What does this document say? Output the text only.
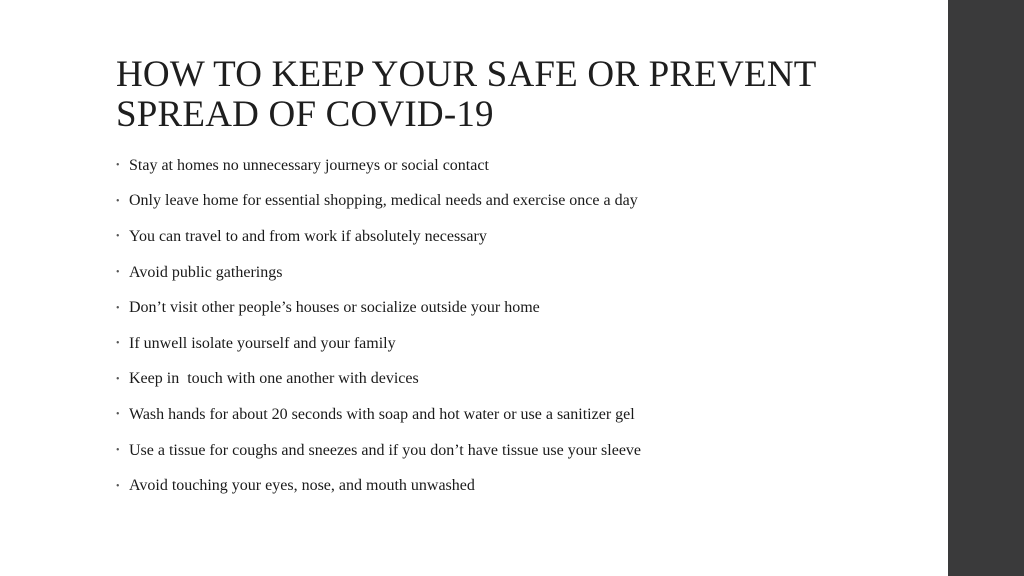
HOW TO KEEP YOUR SAFE OR PREVENT SPREAD OF COVID-19
• Stay at homes no unnecessary journeys or social contact
• Only leave home for essential shopping, medical needs and exercise once a day
• You can travel to and from work if absolutely necessary
• Avoid public gatherings
• Don’t visit other people’s houses or socialize outside your home
• If unwell isolate yourself and your family
• Keep in  touch with one another with devices
• Wash hands for about 20 seconds with soap and hot water or use a sanitizer gel
• Use a tissue for coughs and sneezes and if you don’t have tissue use your sleeve
• Avoid touching your eyes, nose, and mouth unwashed
